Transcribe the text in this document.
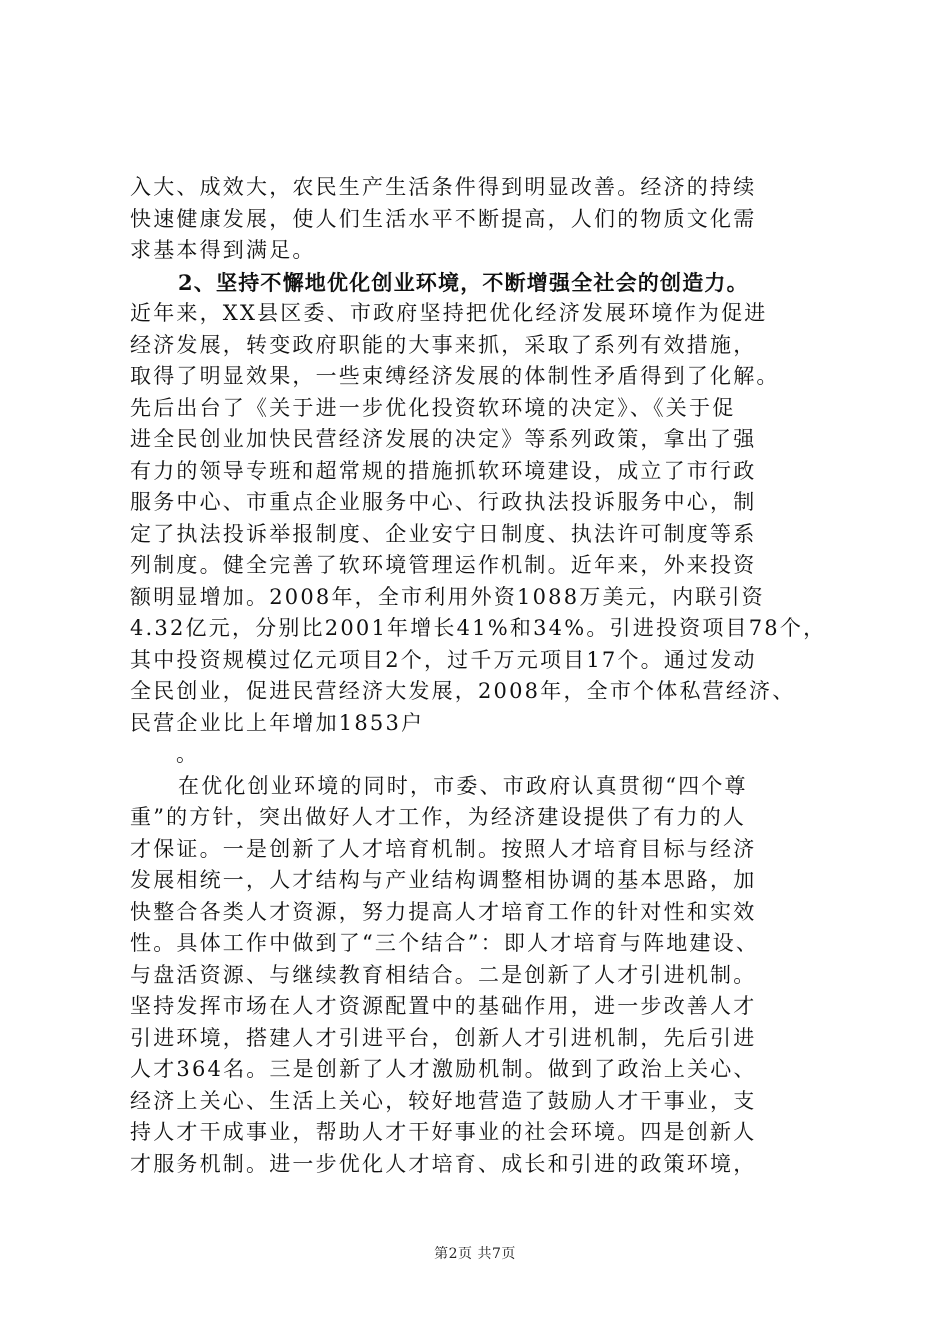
入大、成效大，农民生产生活条件得到明显改善。经济的持续
快速健康发展，使人们生活水平不断提高，人们的物质文化需
求基本得到满足。
2、坚持不懈地优化创业环境，不断增强全社会的创造力。
近年来，XX县区委、市政府坚持把优化经济发展环境作为促进
经济发展，转变政府职能的大事来抓，采取了系列有效措施，
取得了明显效果，一些束缚经济发展的体制性矛盾得到了化解。
先后出台了《关于进一步优化投资软环境的决定》、《关于促
进全民创业加快民营经济发展的决定》等系列政策，拿出了强
有力的领导专班和超常规的措施抓软环境建设，成立了市行政
服务中心、市重点企业服务中心、行政执法投诉服务中心，制
定了执法投诉举报制度、企业安宁日制度、执法许可制度等系
列制度。健全完善了软环境管理运作机制。近年来，外来投资
额明显增加。2008年，全市利用外资1088万美元，内联引资
4.32亿元，分别比2001年增长41%和34%。引进投资项目78个，
其中投资规模过亿元项目2个，过千万元项目17个。通过发动
全民创业，促进民营经济大发展，2008年，全市个体私营经济、
民营企业比上年增加1853户
。
在优化创业环境的同时，市委、市政府认真贯彻“四个尊
重”的方针，突出做好人才工作，为经济建设提供了有力的人
才保证。一是创新了人才培育机制。按照人才培育目标与经济
发展相统一，人才结构与产业结构调整相协调的基本思路，加
快整合各类人才资源，努力提高人才培育工作的针对性和实效
性。具体工作中做到了“三个结合”：即人才培育与阵地建设、
与盘活资源、与继续教育相结合。二是创新了人才引进机制。
坚持发挥市场在人才资源配置中的基础作用，进一步改善人才
引进环境，搭建人才引进平台，创新人才引进机制，先后引进
人才364名。三是创新了人才激励机制。做到了政治上关心、
经济上关心、生活上关心，较好地营造了鼓励人才干事业，支
持人才干成事业，帮助人才干好事业的社会环境。四是创新人
才服务机制。进一步优化人才培育、成长和引进的政策环境，
第2页 共7页
